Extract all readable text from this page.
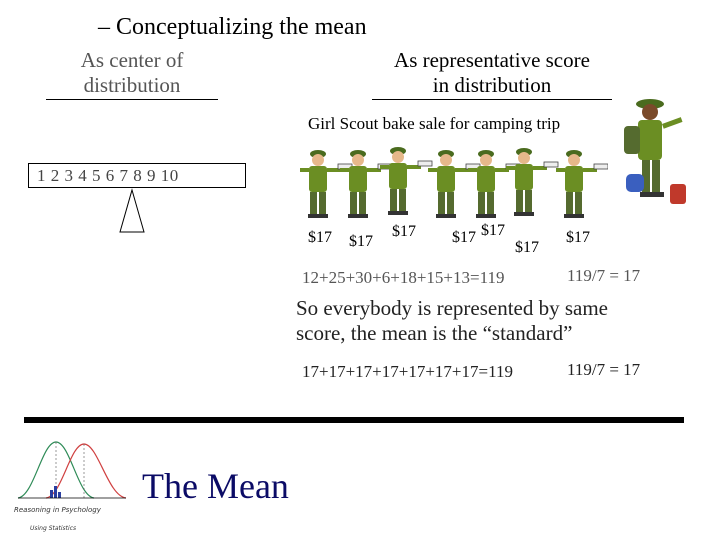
– Conceptualizing the mean
As center of
distribution
As representative score
in distribution
Girl Scout bake sale for camping trip
1 2 3 4 5 6 7 8 9 10
$17 $17
$17 $17 $17
$17
$17
12+25+30+6+18+15+13=119	119/7 = 17
So everybody is represented by same
score, the mean is the “standard”
17+17+17+17+17+17+17=119	119/7 = 17
Reasoning in Psychology
Using Statistics
The Mean
